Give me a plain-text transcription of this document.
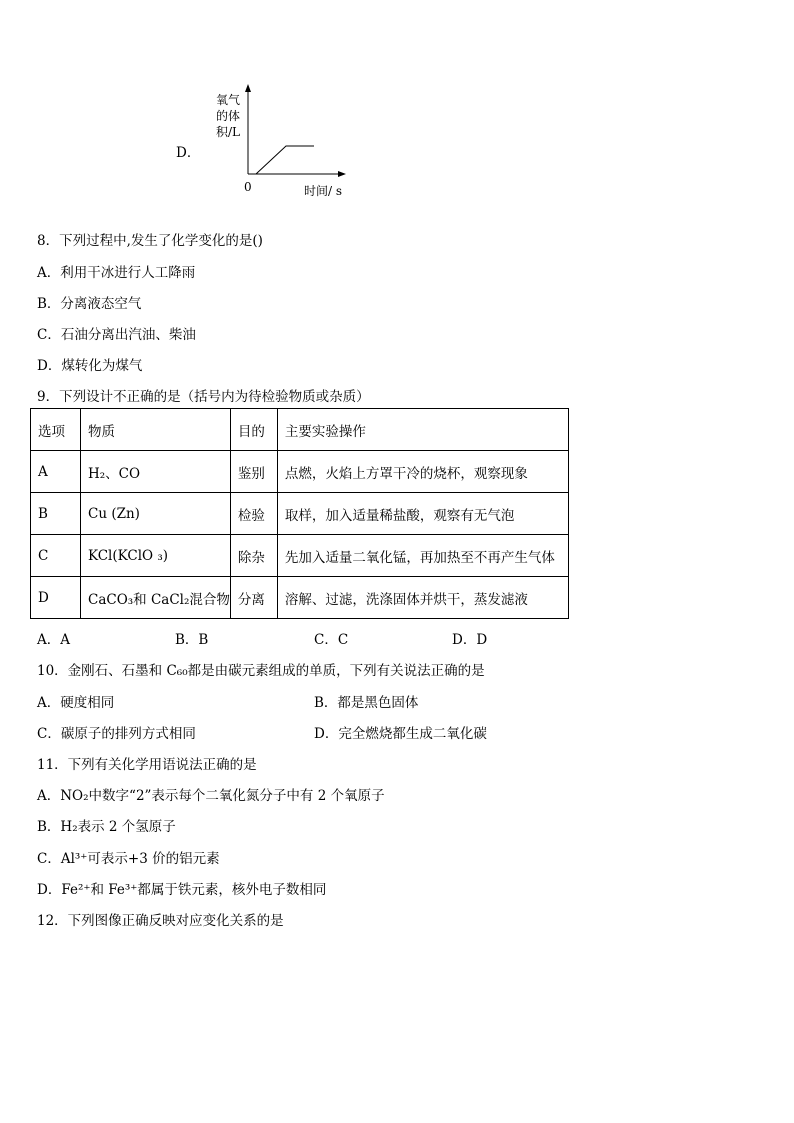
D．
氧气
的体
积/L
0	时间/ s
8．下列过程中,发生了化学变化的是()
A．利用干冰进行人工降雨
B．分离液态空气
C．石油分离出汽油、柴油
D．煤转化为煤气
9．下列设计不正确的是（括号内为待检验物质或杂质）
选项	物质	目的	主要实验操作
A	H₂、CO	鉴别	点燃，火焰上方罩干冷的烧杯，观察现象
B	Cu (Zn)	检验	取样，加入适量稀盐酸，观察有无气泡
C	KCl(KClO ₃)	除杂	先加入适量二氧化锰，再加热至不再产生气体
D	CaCO₃和 CaCl₂混合物	分离	溶解、过滤，洗涤固体并烘干，蒸发滤液
A．A	B．B	C．C	D．D
10．金刚石、石墨和 C₆₀都是由碳元素组成的单质，下列有关说法正确的是
A．硬度相同	B．都是黑色固体
C．碳原子的排列方式相同	D．完全燃烧都生成二氧化碳
11．下列有关化学用语说法正确的是
A．NO₂中数字“2”表示每个二氧化氮分子中有 2 个氧原子
B．H₂表示 2 个氢原子
C．Al³⁺可表示+3 价的铝元素
D．Fe²⁺和 Fe³⁺都属于铁元素，核外电子数相同
12．下列图像正确反映对应变化关系的是
